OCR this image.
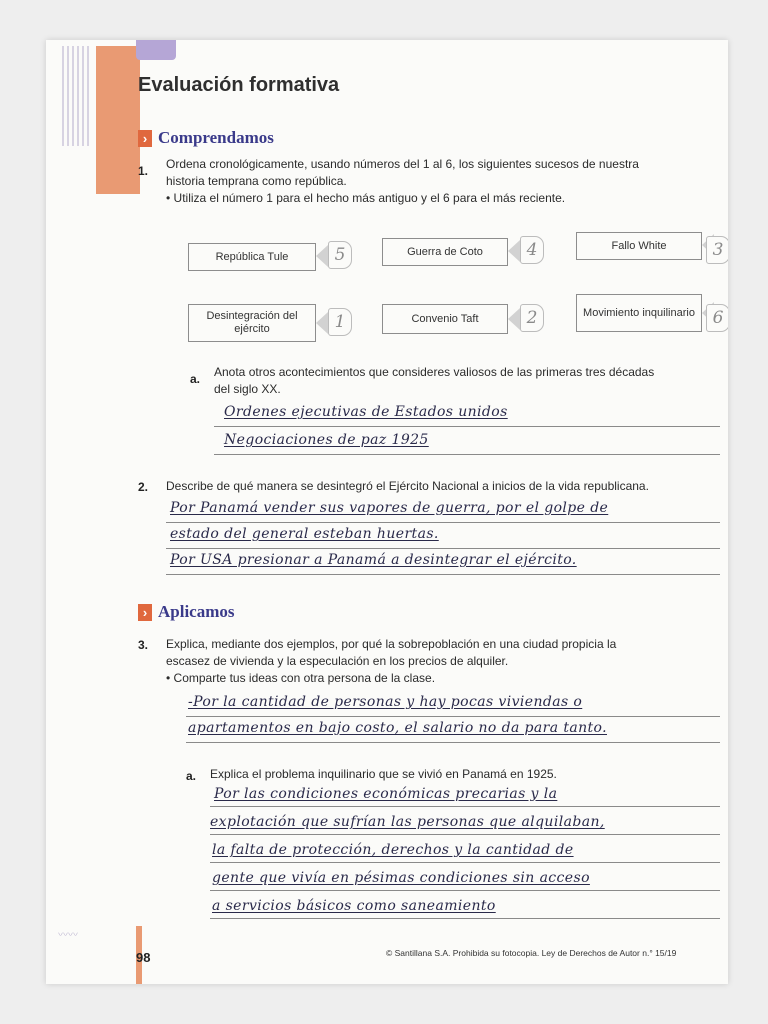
〰〰
Evaluación formativa
› Comprendamos
1. Ordena cronológicamente, usando números del 1 al 6, los siguientes sucesos de nuestra
historia temprana como república.
• Utiliza el número 1 para el hecho más antiguo y el 6 para el más reciente.
República Tule	5	Guerra de Coto	4	Fallo White	3
Desintegración del ejército	1	Convenio Taft	2	Movimiento inquilinario	6
a. Anota otros acontecimientos que consideres valiosos de las primeras tres décadas
del siglo XX.
Ordenes ejecutivas de Estados unidos
Negociaciones de paz 1925
2. Describe de qué manera se desintegró el Ejército Nacional a inicios de la vida republicana.
Por Panamá vender sus vapores de guerra, por el golpe de
estado del general esteban huertas.
Por USA presionar a Panamá a desintegrar el ejército.
› Aplicamos
3. Explica, mediante dos ejemplos, por qué la sobrepoblación en una ciudad propicia la
escasez de vivienda y la especulación en los precios de alquiler.
• Comparte tus ideas con otra persona de la clase.
-Por la cantidad de personas y hay pocas viviendas o
apartamentos en bajo costo, el salario no da para tanto.
a. Explica el problema inquilinario que se vivió en Panamá en 1925.
Por las condiciones económicas precarias y la
explotación que sufrían las personas que alquilaban,
la falta de protección, derechos y la cantidad de
gente que vivía en pésimas condiciones sin acceso
a servicios básicos como saneamiento
98	© Santillana S.A. Prohibida su fotocopia. Ley de Derechos de Autor n.° 15/19
